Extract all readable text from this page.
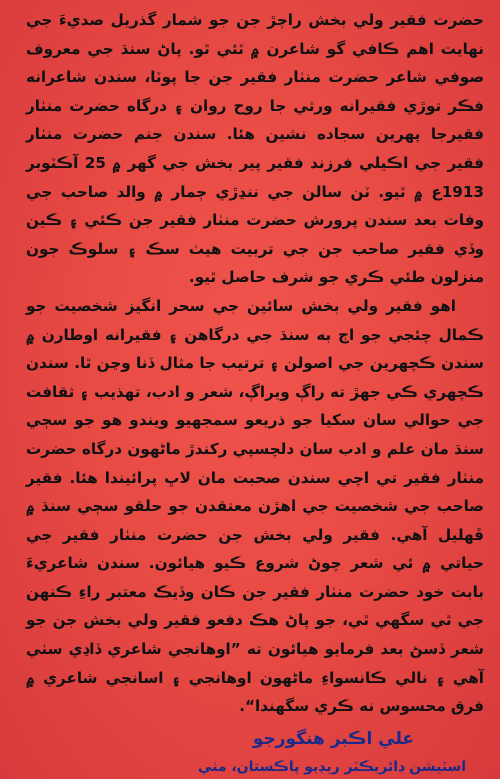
حضرت فقير ولي بخش راڄڙ جن جو شمار گذريل صديءَ جي نهايت اهم ڪافي گو شاعرن ۾ ٿئي ٿو. پاڻ سنڌ جي معروف صوفي شاعر حضرت منٺار فقير جن جا پوٽا، سندن شاعرانه فڪر توڙي فقيرانه ورثي جا روح روان ۽ درگاه حضرت منٺار فقيرجا پهرين سجاده نشين هئا. سندن جنم حضرت منٺار فقير جي اڪيلي فرزند فقير پير بخش جي گهر ۾ 25 آڪٽوبر 1913ع ۾ ٿيو. ٽن سالن جي ننڍڙي ڄمار ۾ والد صاحب جي وفات بعد سندن پرورش حضرت منٺار فقير جن ڪئي ۽ ڪين وڏي فقير صاحب جن جي تربيت هيٺ سڪ ۽ سلوڪ جون منزلون طئي ڪري جو شرف حاصل ٿيو.

اهو فقير ولي بخش سائين جي سحر انگيز شخصيت جو ڪمال چئجي جو اڄ به سنڌ جي درگاهن ۽ فقيرانه اوطارن ۾ سندن ڪچهرين جي اصولن ۽ ترتيب جا مثال ڏنا وڃن ٿا. سندن ڪچهري ڪي جهڙ ته راڳ ويراڳ، شعر و ادب، تهذيب ۽ ثقافت جي حوالي سان سکيا جو ذريعو سمجهيو ويندو هو جو سڄي سنڌ مان علم و ادب سان دلچسپي رکندڙ ماڻهون درگاه حضرت منٺار فقير تي اچي سندن صحبت مان لاڀ پرائيندا هئا. فقير صاحب جي شخصيت جي اهڙن معتقدن جو حلقو سڄي سنڌ ۾ ڦهليل آهي. فقير ولي بخش جن حضرت منٺار فقير جي حياتي ۾ ئي شعر چوڻ شروع ڪيو هيائون. سندن شاعريءَ بابت خود حضرت منٺار فقير جن ڪان وڏيڪ معتبر راءِ ڪنهن جي ٿي سگهي ٿي، جو پاڻ هڪ دفعو فقير ولي بخش جن جو شعر ڏسڻ بعد فرمايو هيائون ته ”اوهانجي شاعري ڏاڍي سٺي آهي ۽ نالي ڪانسواءِ ماڻهون اوهانجي ۽ اسانجي شاعري ۾ فرق محسوس نه ڪري سگهندا“.

علي اڪبر هنگورجو
اسٽيشن ڊائريڪٽر ريڊيو پاڪستان، مٺي
